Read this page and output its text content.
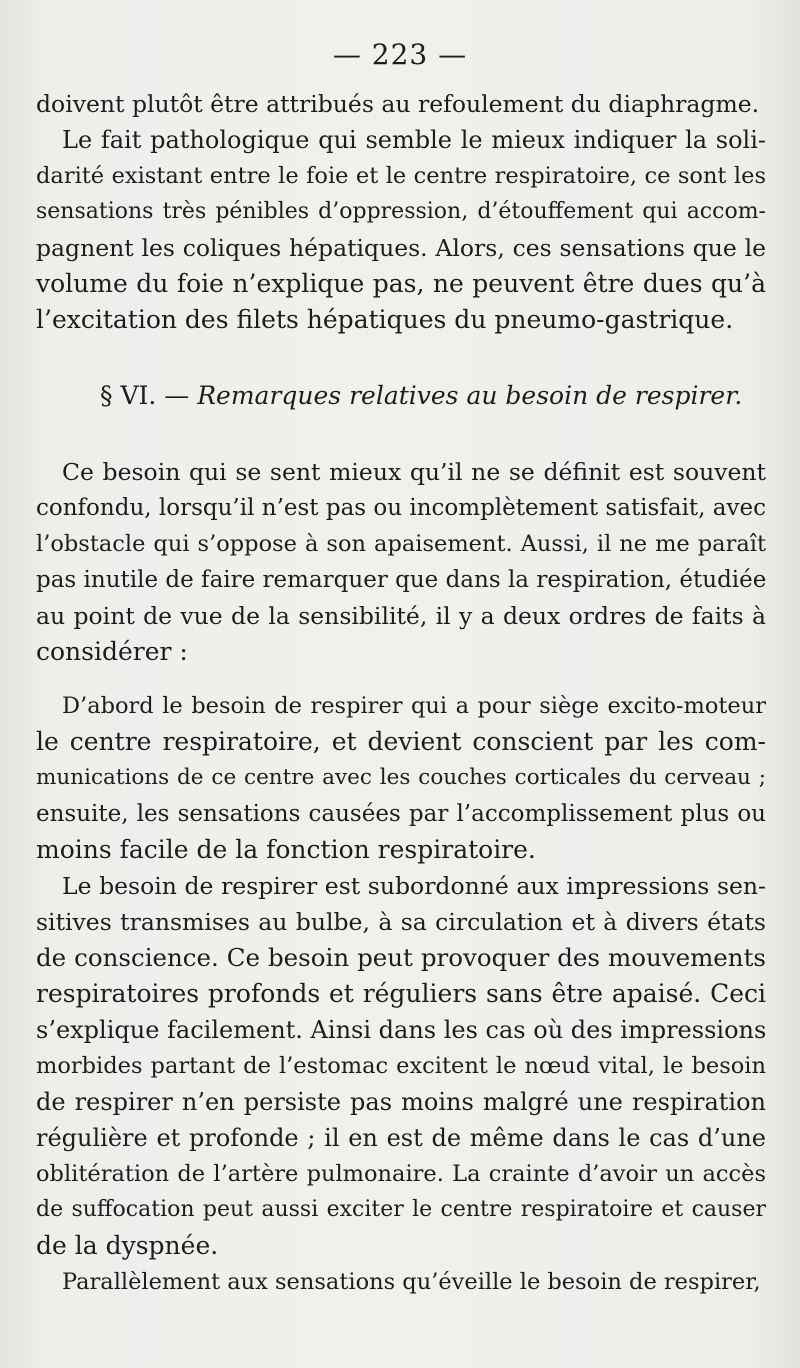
— 223 —
doivent plutôt être attribués au refoulement du diaphragme.
Le fait pathologique qui semble le mieux indiquer la soli-
darité existant entre le foie et le centre respiratoire, ce sont les
sensations très pénibles d’oppression, d’étouffement qui accom-
pagnent les coliques hépatiques. Alors, ces sensations que le
volume du foie n’explique pas, ne peuvent être dues qu’à
l’excitation des filets hépatiques du pneumo-gastrique.
§ VI. — Remarques relatives au besoin de respirer.
Ce besoin qui se sent mieux qu’il ne se définit est souvent
confondu, lorsqu’il n’est pas ou incomplètement satisfait, avec
l’obstacle qui s’oppose à son apaisement. Aussi, il ne me paraît
pas inutile de faire remarquer que dans la respiration, étudiée
au point de vue de la sensibilité, il y a deux ordres de faits à
considérer :
D’abord le besoin de respirer qui a pour siège excito-moteur
le centre respiratoire, et devient conscient par les com-
munications de ce centre avec les couches corticales du cerveau ;
ensuite, les sensations causées par l’accomplissement plus ou
moins facile de la fonction respiratoire.
Le besoin de respirer est subordonné aux impressions sen-
sitives transmises au bulbe, à sa circulation et à divers états
de conscience. Ce besoin peut provoquer des mouvements
respiratoires profonds et réguliers sans être apaisé. Ceci
s’explique facilement. Ainsi dans les cas où des impressions
morbides partant de l’estomac excitent le nœud vital, le besoin
de respirer n’en persiste pas moins malgré une respiration
régulière et profonde ; il en est de même dans le cas d’une
oblitération de l’artère pulmonaire. La crainte d’avoir un accès
de suffocation peut aussi exciter le centre respiratoire et causer
de la dyspnée.
Parallèlement aux sensations qu’éveille le besoin de respirer,
